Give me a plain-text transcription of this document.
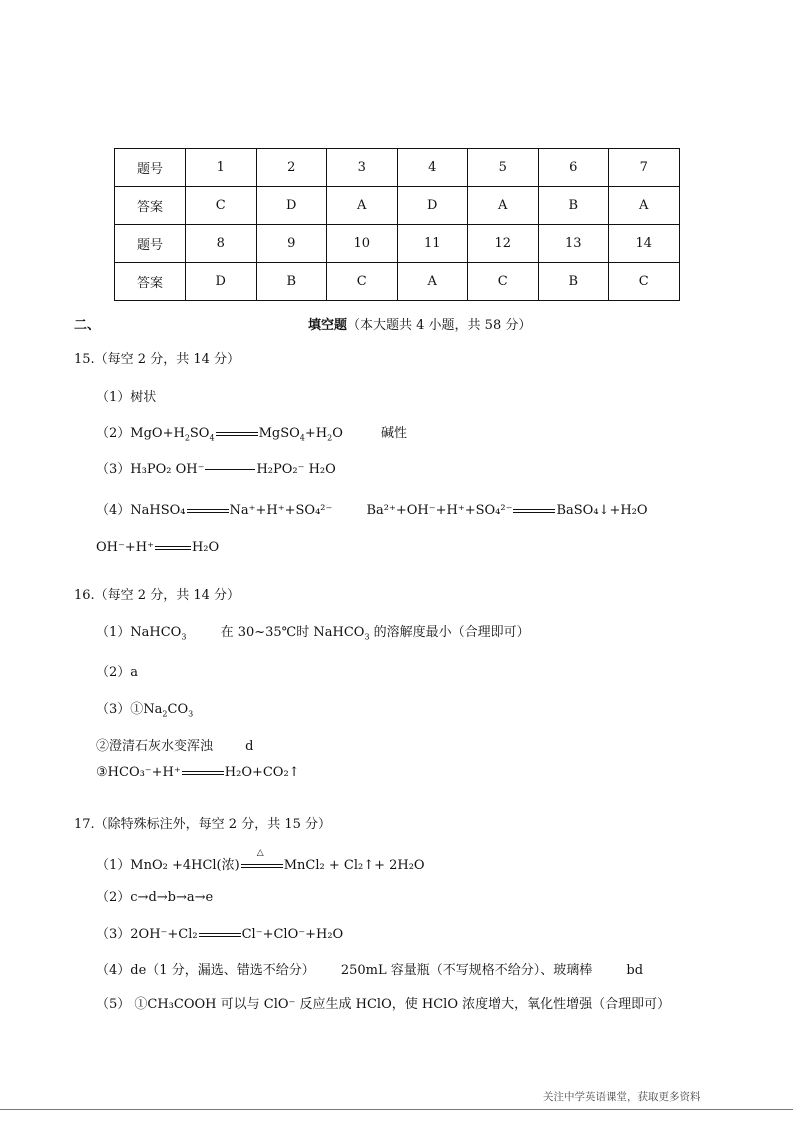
题号	1	2	3	4	5	6	7
答案	C	D	A	D	A	B	A
题号	8	9	10	11	12	13	14
答案	D	B	C	A	C	B	C
二、	填空题（本大题共 4 小题，共 58 分）
15.（每空 2 分，共 14 分）
（1）树状
$(2)MgO+H_2SO_4$	$MgSO_4+H_2O$	碱性
（3）H₃PO₂ OH⁻	H₂PO₂⁻ H₂O
（4）NaHSO₄	Na⁺+H⁺+SO₄²⁻	Ba²⁺+OH⁻+H⁺+SO₄²⁻	BaSO₄↓+H₂O
OH⁻+H⁺	H₂O
16.（每空 2 分，共 14 分）
（1）NaHCO$_3$	在 30~35℃时 NaHCO$_3$ 的溶解度最小（合理即可）
（2）a
$(3)①Na_2CO_3$
②澄清石灰水变浑浊 d
③HCO₃⁻+H⁺	H₂O+CO₂↑
17.（除特殊标注外，每空 2 分，共 15 分）
（1）MnO₂ +4HCl(浓)
△
MnCl₂ + Cl₂↑+ 2H₂O
（2）c→d→b→a→e
（3）2OH⁻+Cl₂	Cl⁻+ClO⁻+H₂O
（4）de（1 分，漏选、错选不给分） 250mL 容量瓶（不写规格不给分）、玻璃棒	bd
（5） ①CH₃COOH 可以与 ClO⁻ 反应生成 HClO，使 HClO 浓度增大，氧化性增强（合理即可）
关注中学英语课堂，获取更多资料
